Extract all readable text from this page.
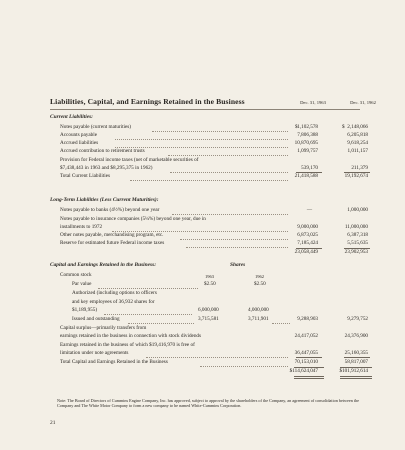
Liabilities, Capital, and Earnings Retained in the Business	Dec. 31, 1963	Dec. 31, 1962
Current Liabilities:
Notes payable (current maturities)	$ 1,102,578	$ 2,148,066
Accounts payable	7,806,388	6,205,818
Accrued liabilities	10,870,695	9,618,254
Accrued contribution to retirement trusts	1,099,757	1,011,157
Provision for Federal income taxes (net of marketable securities of
$7,438,443 in 1963 and $8,295,375 in 1962)	539,170	211,379
Total Current Liabilities	21,418,588	19,192,674
Long-Term Liabilities (Less Current Maturities):
Notes payable to banks (4½%) beyond one year	—	1,000,000
Notes payable to insurance companies (5¼%) beyond one year, due in
installments to 1972	9,000,000	11,000,000
Other notes payable, merchandising program, etc.	6,873,025	6,387,318
Reserve for estimated future Federal income taxes	7,185,424	5,515,635
23,058,449	23,902,953
Capital and Earnings Retained in the Business:	Shares
1963	1962
Common stock
Par value	$2.50	$2.50
Authorized (including options to officers
and key employees of 36,932 shares for
$1,189,955)	6,000,000	4,000,000
Issued and outstanding	3,715,581	3,711,901	9,288,903	9,279,752
Capital surplus—primarily transfers from
earnings retained in the business in connection with stock dividends	24,417,052	24,376,900
Earnings retained in the business of which $19,416,970 is free of
limitation under note agreements	36,447,055	25,160,355
Total Capital and Earnings Retained in the Business	70,153,010	58,817,007
$114,624,047	$101,912,614
Note: The Board of Directors of Cummins Engine Company, Inc. has approved, subject to approval by the shareholders of the Company, an agreement of consolidation between the Company and The White Motor Company to form a new company to be named White-Cummins Corporation.
21
